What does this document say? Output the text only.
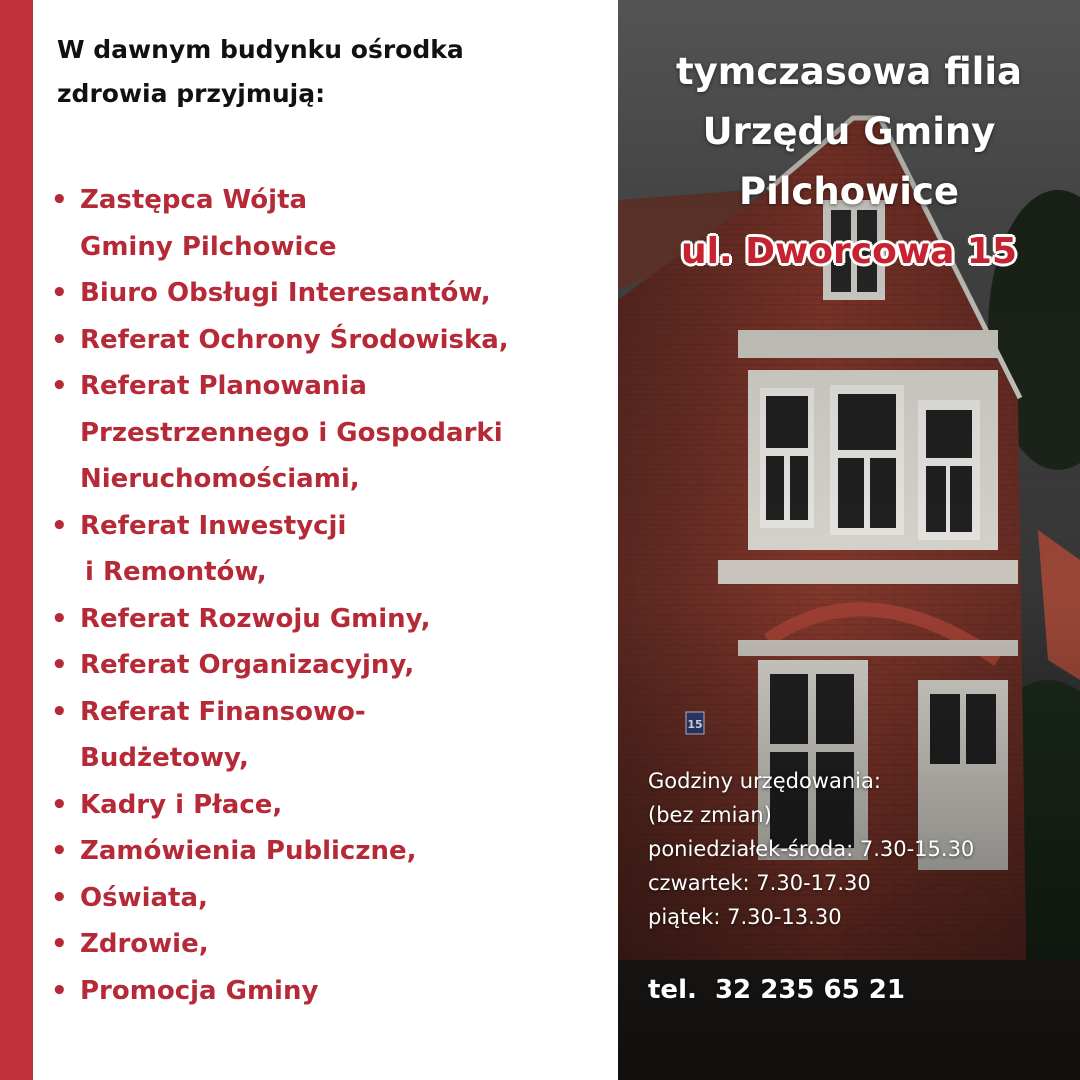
W dawnym budynku ośrodka
zdrowia przyjmują:

• Zastępca Wójta
Gminy Pilchowice
• Biuro Obsługi Interesantów,
• Referat Ochrony Środowiska,
• Referat Planowania
Przestrzennego i Gospodarki
Nieruchomościami,
• Referat Inwestycji
i Remontów,
• Referat Rozwoju Gminy,
• Referat Organizacyjny,
• Referat Finansowo-
Budżetowy,
• Kadry i Płace,
• Zamówienia Publiczne,
• Oświata,
• Zdrowie,
• Promocja Gminy
tymczasowa filia
Urzędu Gminy
Pilchowice
ul. Dworcowa 15
Godziny urzędowania:
(bez zmian)
poniedziałek-środa: 7.30-15.30
czwartek: 7.30-17.30
piątek: 7.30-13.30
tel.  32 235 65 21
